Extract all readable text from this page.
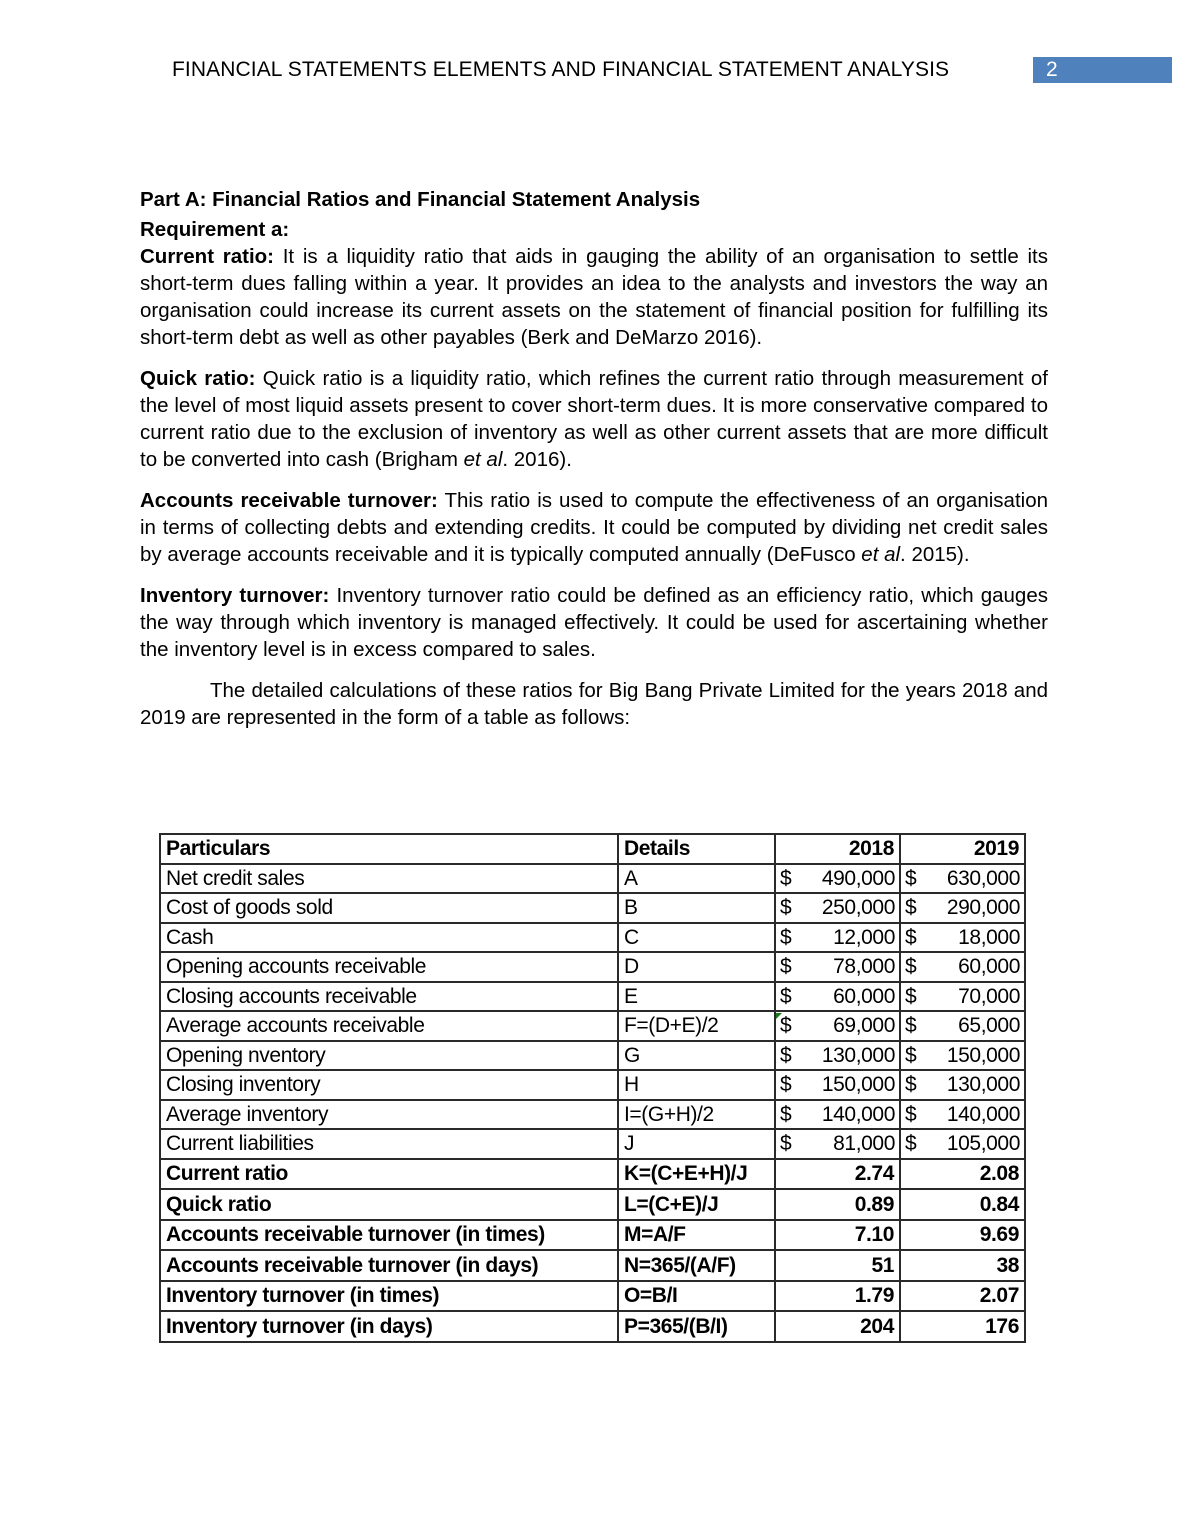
2
FINANCIAL STATEMENTS ELEMENTS AND FINANCIAL STATEMENT ANALYSIS
Part A: Financial Ratios and Financial Statement Analysis
Requirement a:

Current ratio: It is a liquidity ratio that aids in gauging the ability of an organisation to settle its short-term dues falling within a year. It provides an idea to the analysts and investors the way an organisation could increase its current assets on the statement of financial position for fulfilling its short-term debt as well as other payables (Berk and DeMarzo 2016).

Quick ratio: Quick ratio is a liquidity ratio, which refines the current ratio through measurement of the level of most liquid assets present to cover short-term dues. It is more conservative compared to current ratio due to the exclusion of inventory as well as other current assets that are more difficult to be converted into cash (Brigham et al. 2016).

Accounts receivable turnover: This ratio is used to compute the effectiveness of an organisation in terms of collecting debts and extending credits. It could be computed by dividing net credit sales by average accounts receivable and it is typically computed annually (DeFusco et al. 2015).

Inventory turnover: Inventory turnover ratio could be defined as an efficiency ratio, which gauges the way through which inventory is managed effectively. It could be used for ascertaining whether the inventory level is in excess compared to sales.

The detailed calculations of these ratios for Big Bang Private Limited for the years 2018 and 2019 are represented in the form of a table as follows:

Particulars	Details	2018	2019
Net credit sales	A	$ 490,000	$ 630,000
Cost of goods sold	B	$ 250,000	$ 290,000
Cash	C	$ 12,000	$ 18,000
Opening accounts receivable	D	$ 78,000	$ 60,000
Closing accounts receivable	E	$ 60,000	$ 70,000
Average accounts receivable	F=(D+E)/2	$ 69,000	$ 65,000
Opening nventory	G	$ 130,000	$ 150,000
Closing inventory	H	$ 150,000	$ 130,000
Average inventory	I=(G+H)/2	$ 140,000	$ 140,000
Current liabilities	J	$ 81,000	$ 105,000
Current ratio	K=(C+E+H)/J	2.74	2.08
Quick ratio	L=(C+E)/J	0.89	0.84
Accounts receivable turnover (in times)	M=A/F	7.10	9.69
Accounts receivable turnover (in days)	N=365/(A/F)	51	38
Inventory turnover (in times)	O=B/I	1.79	2.07
Inventory turnover (in days)	P=365/(B/I)	204	176
